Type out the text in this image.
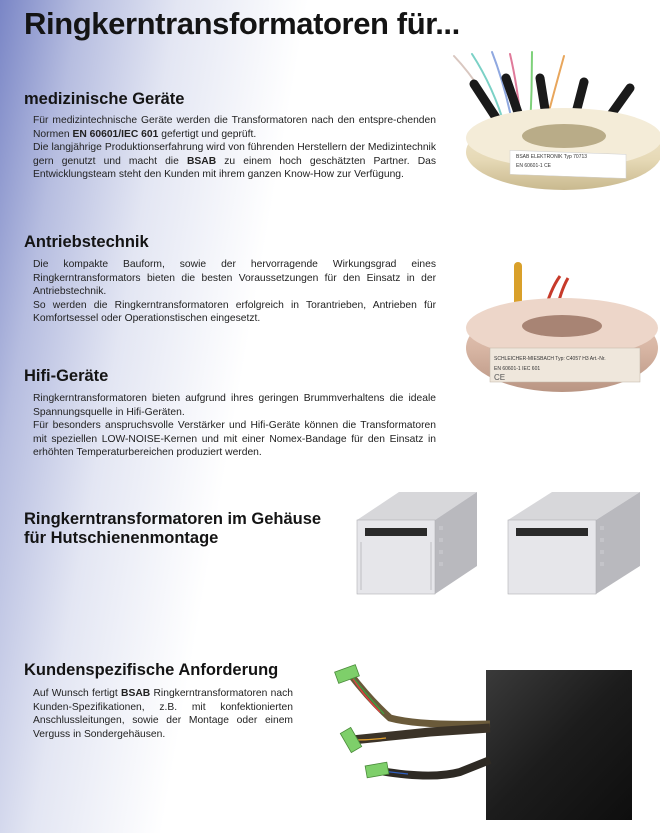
Ringkerntransformatoren für...
medizinische Geräte
Für medizintechnische Geräte werden die Transformatoren nach den entspre-chenden Normen EN 60601/IEC 601 gefertigt und geprüft.
Die langjährige Produktionserfahrung wird von führenden Herstellern der Medizintechnik gern genutzt und macht die BSAB zu einem hoch geschätzten Partner. Das Entwicklungsteam steht den Kunden mit ihrem ganzen Know-How zur Verfügung.
BSAB ELEKTRONIK Typ 70713
EN 60601-1 CE
Antriebstechnik
Die kompakte Bauform, sowie der hervorragende Wirkungsgrad eines Ringkerntransformators bieten die besten Voraussetzungen für den Einsatz in der Antriebstechnik.
So werden die Ringkerntransformatoren erfolgreich in Torantrieben, Antrieben für Komfortsessel oder Operationstischen eingesetzt.
SCHLEICHER-MIESBACH Typ: C4057 H3 Art.-Nr.
EN 60601-1 IEC 601
CE
Hifi-Geräte
Ringkerntransformatoren bieten aufgrund ihres geringen Brummverhaltens die ideale Spannungsquelle in Hifi-Geräten.
Für besonders anspruchsvolle Verstärker und Hifi-Geräte können die Transformatoren mit speziellen LOW-NOISE-Kernen und mit einer Nomex-Bandage für den Einsatz in erhöhten Temperaturbereichen produziert werden.
Ringkerntransformatoren im Gehäuse
für Hutschienenmontage
Kundenspezifische Anforderung
Auf Wunsch fertigt BSAB Ringkerntransformatoren nach Kunden-Spezifikationen, z.B. mit konfektionierten Anschlussleitungen, sowie der Montage oder einem Verguss in Sondergehäusen.
